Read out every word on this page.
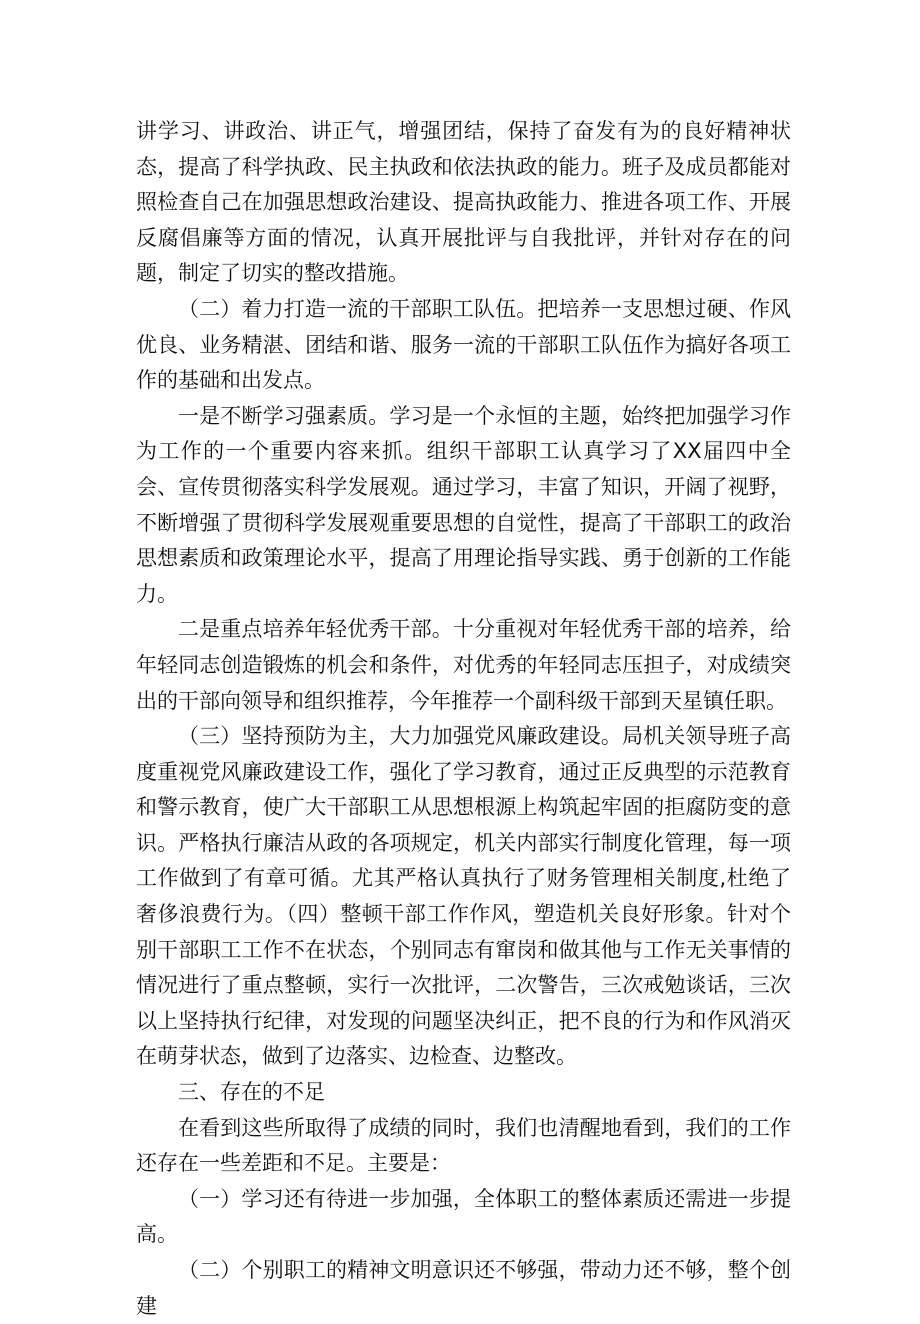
讲学习、讲政治、讲正气，增强团结，保持了奋发有为的良好精神状态，提高了科学执政、民主执政和依法执政的能力。班子及成员都能对照检查自己在加强思想政治建设、提高执政能力、推进各项工作、开展反腐倡廉等方面的情况，认真开展批评与自我批评，并针对存在的问题，制定了切实的整改措施。

（二）着力打造一流的干部职工队伍。把培养一支思想过硬、作风优良、业务精湛、团结和谐、服务一流的干部职工队伍作为搞好各项工作的基础和出发点。

一是不断学习强素质。学习是一个永恒的主题，始终把加强学习作为工作的一个重要内容来抓。组织干部职工认真学习了XX届四中全会、宣传贯彻落实科学发展观。通过学习，丰富了知识，开阔了视野，不断增强了贯彻科学发展观重要思想的自觉性，提高了干部职工的政治思想素质和政策理论水平，提高了用理论指导实践、勇于创新的工作能力。

二是重点培养年轻优秀干部。十分重视对年轻优秀干部的培养，给年轻同志创造锻炼的机会和条件，对优秀的年轻同志压担子，对成绩突出的干部向领导和组织推荐，今年推荐一个副科级干部到天星镇任职。

（三）坚持预防为主，大力加强党风廉政建设。局机关领导班子高度重视党风廉政建设工作，强化了学习教育，通过正反典型的示范教育和警示教育，使广大干部职工从思想根源上构筑起牢固的拒腐防变的意识。严格执行廉洁从政的各项规定，机关内部实行制度化管理，每一项工作做到了有章可循。尤其严格认真执行了财务管理相关制度,杜绝了奢侈浪费行为。（四）整顿干部工作作风，塑造机关良好形象。针对个别干部职工工作不在状态，个别同志有窜岗和做其他与工作无关事情的情况进行了重点整顿，实行一次批评，二次警告，三次戒勉谈话，三次以上坚持执行纪律，对发现的问题坚决纠正，把不良的行为和作风消灭在萌芽状态，做到了边落实、边检查、边整改。

三、存在的不足

在看到这些所取得了成绩的同时，我们也清醒地看到，我们的工作还存在一些差距和不足。主要是：

（一）学习还有待进一步加强，全体职工的整体素质还需进一步提高。

（二）个别职工的精神文明意识还不够强，带动力还不够，整个创建
